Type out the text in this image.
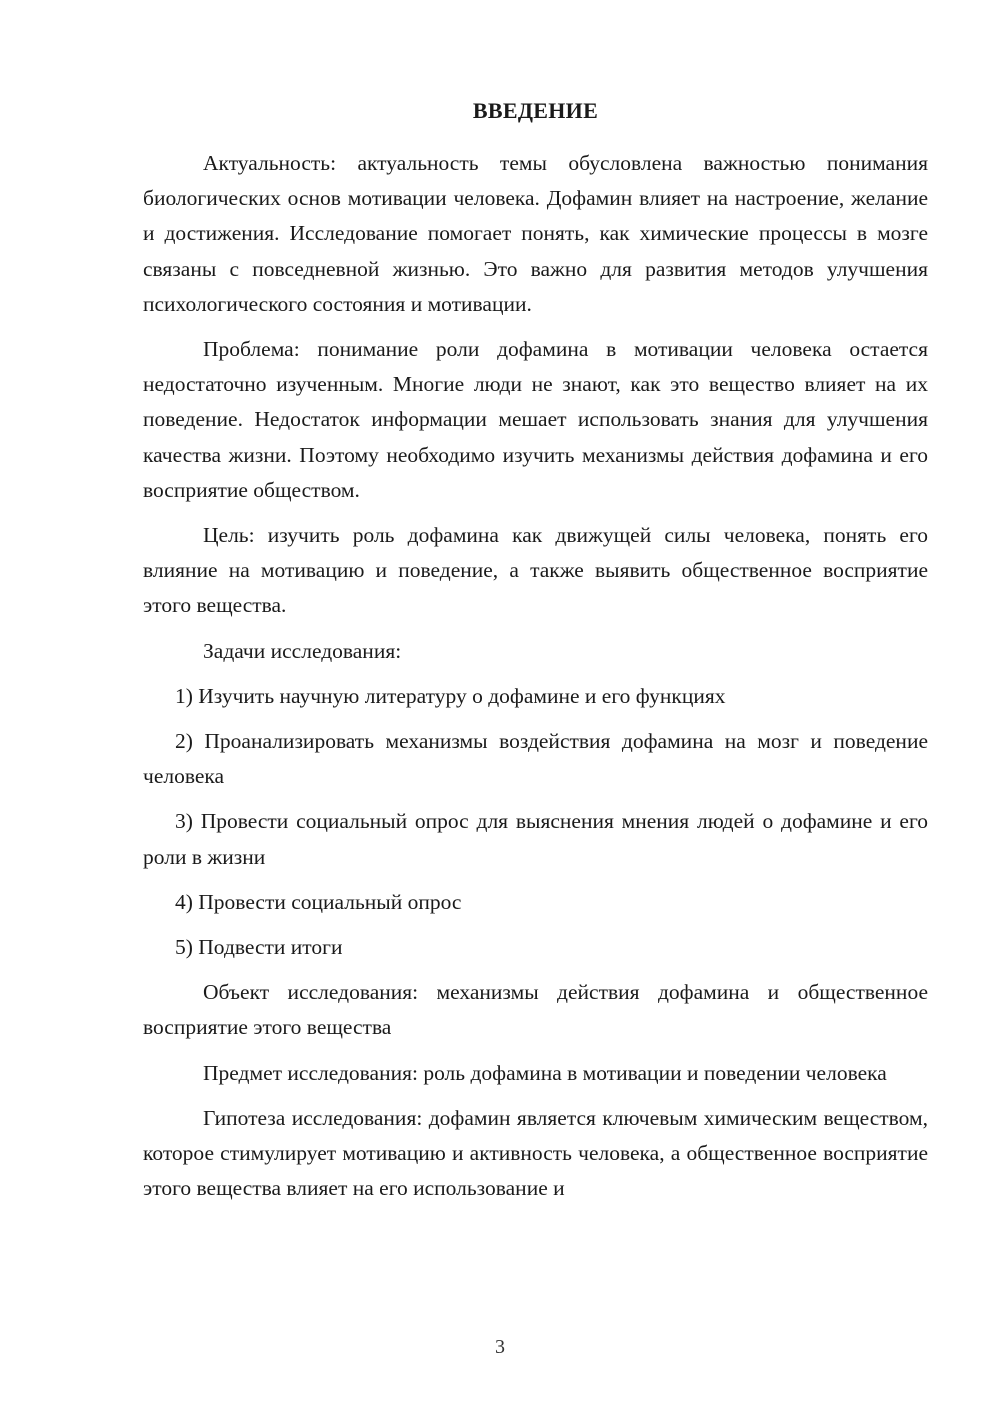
ВВЕДЕНИЕ

Актуальность: актуальность темы обусловлена важностью понимания биологических основ мотивации человека. Дофамин влияет на настроение, желание и достижения. Исследование помогает понять, как химические процессы в мозге связаны с повседневной жизнью. Это важно для развития методов улучшения психологического состояния и мотивации.

Проблема: понимание роли дофамина в мотивации человека остается недостаточно изученным. Многие люди не знают, как это вещество влияет на их поведение. Недостаток информации мешает использовать знания для улучшения качества жизни. Поэтому необходимо изучить механизмы действия дофамина и его восприятие обществом.

Цель: изучить роль дофамина как движущей силы человека, понять его влияние на мотивацию и поведение, а также выявить общественное восприятие этого вещества.

Задачи исследования:

1) Изучить научную литературу о дофамине и его функциях

2) Проанализировать механизмы воздействия дофамина на мозг и поведение человека

3) Провести социальный опрос для выяснения мнения людей о дофамине и его роли в жизни

4) Провести социальный опрос

5) Подвести итоги

Объект исследования: механизмы действия дофамина и общественное восприятие этого вещества

Предмет исследования: роль дофамина в мотивации и поведении человека

Гипотеза исследования: дофамин является ключевым химическим веществом, которое стимулирует мотивацию и активность человека, а общественное восприятие этого вещества влияет на его использование и

3
